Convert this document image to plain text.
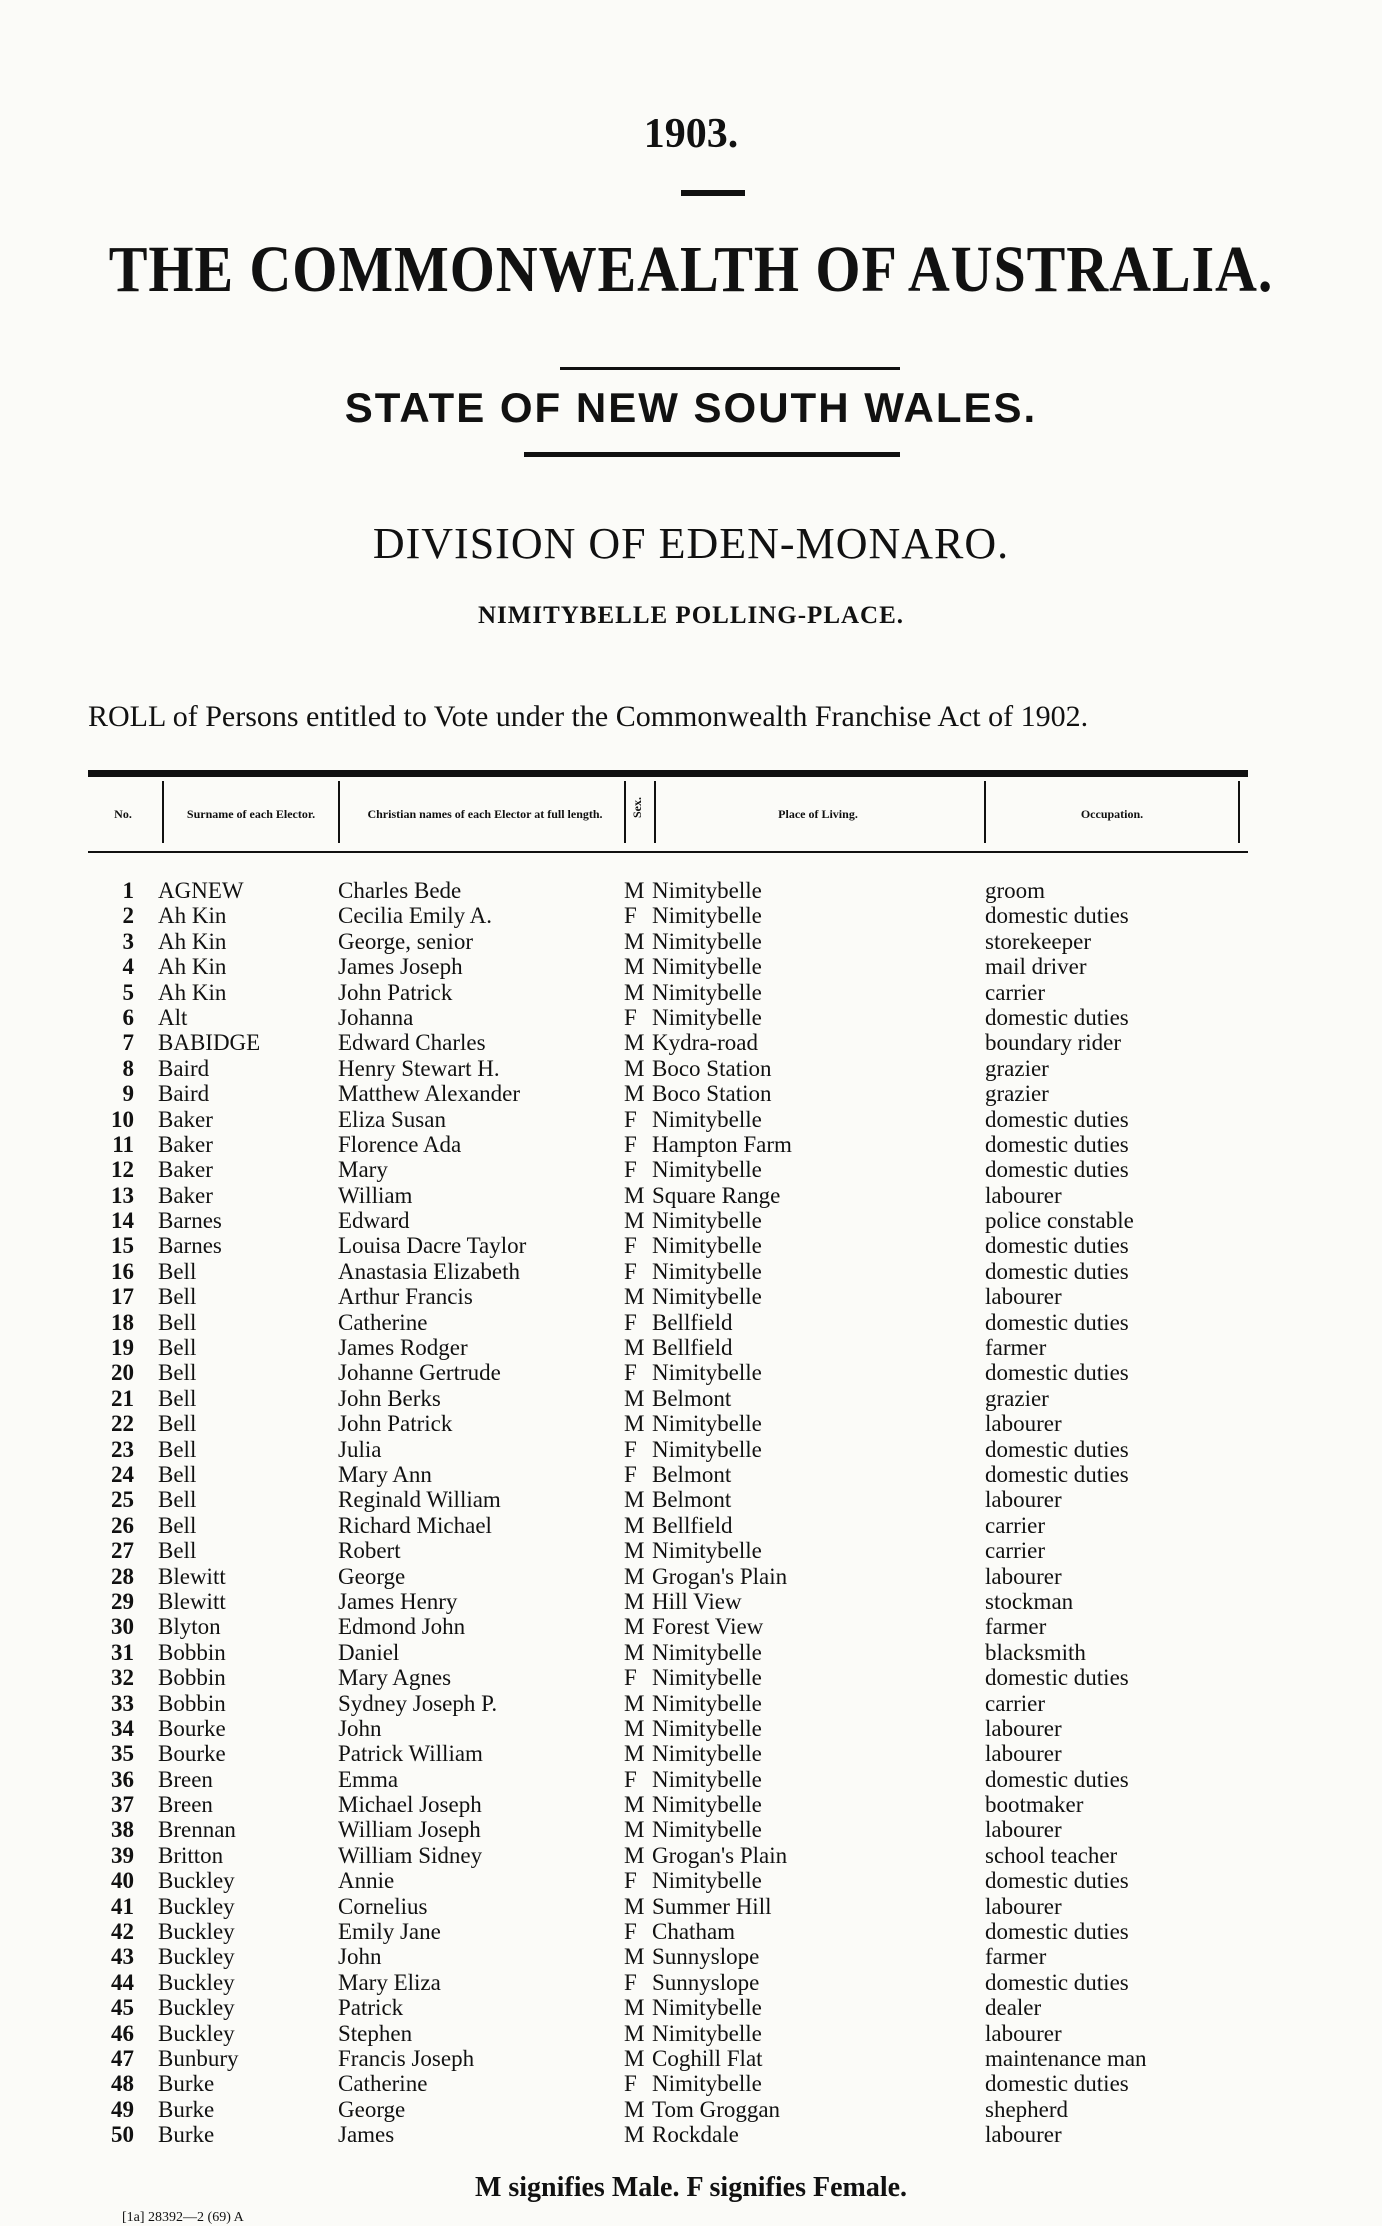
1903.
THE COMMONWEALTH OF AUSTRALIA.
STATE OF NEW SOUTH WALES.
DIVISION OF EDEN-MONARO.
NIMITYBELLE POLLING-PLACE.
ROLL of Persons entitled to Vote under the Commonwealth Franchise Act of 1902.
No.	Surname of each Elector.	Christian names of each Elector at full length.	Sex.	Place of Living.	Occupation.
1 AGNEW	Charles Bede	M Nimitybelle	groom
2 Ah Kin	Cecilia Emily A.	F Nimitybelle	domestic duties
3 Ah Kin	George, senior	M Nimitybelle	storekeeper
4 Ah Kin	James Joseph	M Nimitybelle	mail driver
5 Ah Kin	John Patrick	M Nimitybelle	carrier
6 Alt	Johanna	F Nimitybelle	domestic duties
7 BABIDGE	Edward Charles	M Kydra-road	boundary rider
8 Baird	Henry Stewart H.	M Boco Station	grazier
9 Baird	Matthew Alexander	M Boco Station	grazier
10 Baker	Eliza Susan	F Nimitybelle	domestic duties
11 Baker	Florence Ada	F Hampton Farm	domestic duties
12 Baker	Mary	F Nimitybelle	domestic duties
13 Baker	William	M Square Range	labourer
14 Barnes	Edward	M Nimitybelle	police constable
15 Barnes	Louisa Dacre Taylor	F Nimitybelle	domestic duties
16 Bell	Anastasia Elizabeth	F Nimitybelle	domestic duties
17 Bell	Arthur Francis	M Nimitybelle	labourer
18 Bell	Catherine	F Bellfield	domestic duties
19 Bell	James Rodger	M Bellfield	farmer
20 Bell	Johanne Gertrude	F Nimitybelle	domestic duties
21 Bell	John Berks	M Belmont	grazier
22 Bell	John Patrick	M Nimitybelle	labourer
23 Bell	Julia	F Nimitybelle	domestic duties
24 Bell	Mary Ann	F Belmont	domestic duties
25 Bell	Reginald William	M Belmont	labourer
26 Bell	Richard Michael	M Bellfield	carrier
27 Bell	Robert	M Nimitybelle	carrier
28 Blewitt	George	M Grogan's Plain	labourer
29 Blewitt	James Henry	M Hill View	stockman
30 Blyton	Edmond John	M Forest View	farmer
31 Bobbin	Daniel	M Nimitybelle	blacksmith
32 Bobbin	Mary Agnes	F Nimitybelle	domestic duties
33 Bobbin	Sydney Joseph P.	M Nimitybelle	carrier
34 Bourke	John	M Nimitybelle	labourer
35 Bourke	Patrick William	M Nimitybelle	labourer
36 Breen	Emma	F Nimitybelle	domestic duties
37 Breen	Michael Joseph	M Nimitybelle	bootmaker
38 Brennan	William Joseph	M Nimitybelle	labourer
39 Britton	William Sidney	M Grogan's Plain	school teacher
40 Buckley	Annie	F Nimitybelle	domestic duties
41 Buckley	Cornelius	M Summer Hill	labourer
42 Buckley	Emily Jane	F Chatham	domestic duties
43 Buckley	John	M Sunnyslope	farmer
44 Buckley	Mary Eliza	F Sunnyslope	domestic duties
45 Buckley	Patrick	M Nimitybelle	dealer
46 Buckley	Stephen	M Nimitybelle	labourer
47 Bunbury	Francis Joseph	M Coghill Flat	maintenance man
48 Burke	Catherine	F Nimitybelle	domestic duties
49 Burke	George	M Tom Groggan	shepherd
50 Burke	James	M Rockdale	labourer
M signifies Male. F signifies Female.
[1a] 28392—2 (69) A
